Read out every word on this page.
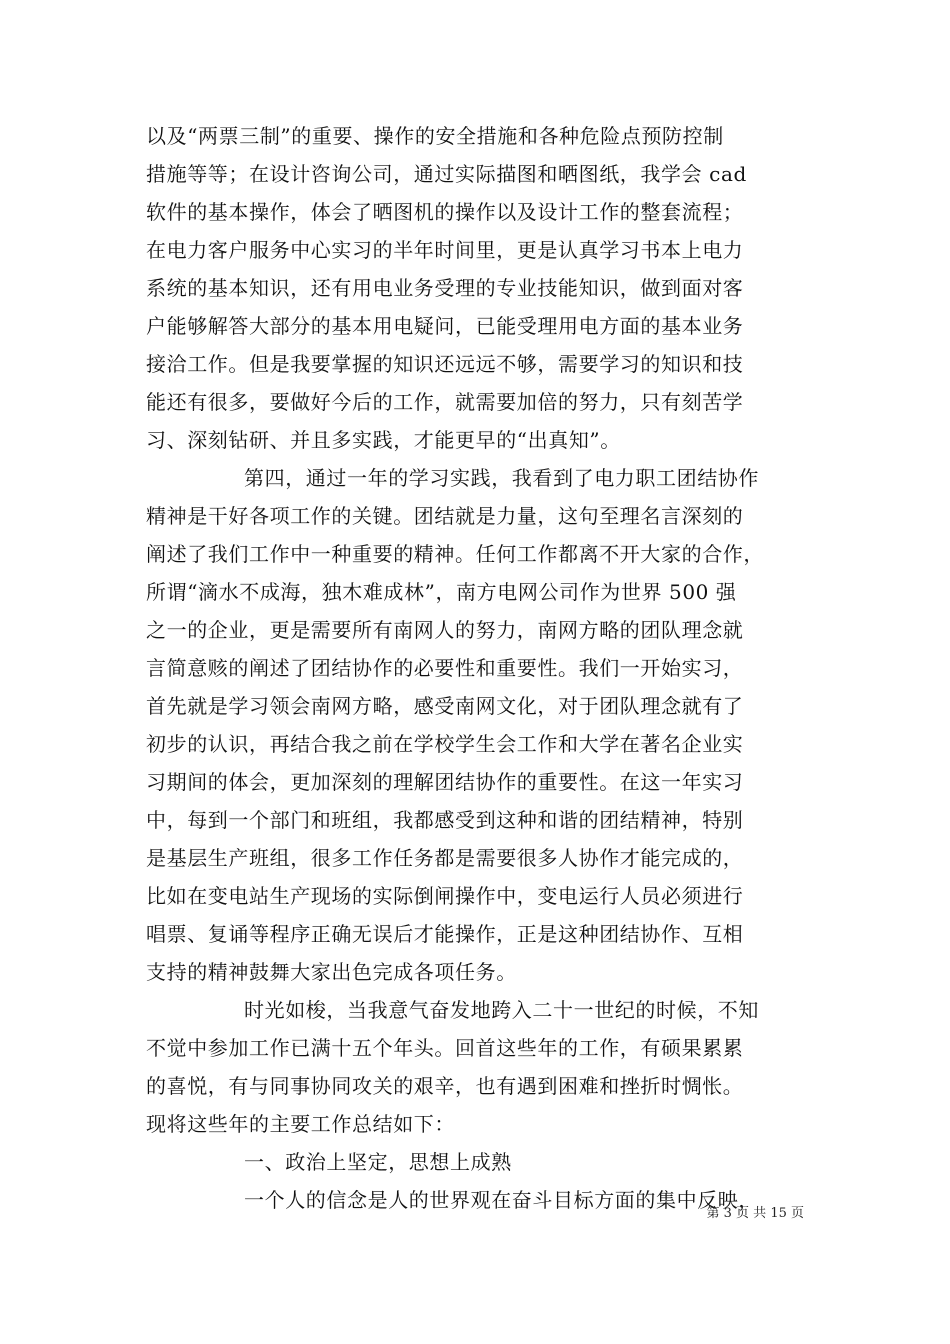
以及“两票三制”的重要、操作的安全措施和各种危险点预防控制
措施等等；在设计咨询公司，通过实际描图和晒图纸，我学会 cad
软件的基本操作，体会了晒图机的操作以及设计工作的整套流程；
在电力客户服务中心实习的半年时间里，更是认真学习书本上电力
系统的基本知识，还有用电业务受理的专业技能知识，做到面对客
户能够解答大部分的基本用电疑问，已能受理用电方面的基本业务
接洽工作。但是我要掌握的知识还远远不够，需要学习的知识和技
能还有很多，要做好今后的工作，就需要加倍的努力，只有刻苦学
习、深刻钻研、并且多实践，才能更早的“出真知”。
第四，通过一年的学习实践，我看到了电力职工团结协作
精神是干好各项工作的关键。团结就是力量，这句至理名言深刻的
阐述了我们工作中一种重要的精神。任何工作都离不开大家的合作，
所谓“滴水不成海，独木难成林”，南方电网公司作为世界 500 强
之一的企业，更是需要所有南网人的努力，南网方略的团队理念就
言简意赅的阐述了团结协作的必要性和重要性。我们一开始实习，
首先就是学习领会南网方略，感受南网文化，对于团队理念就有了
初步的认识，再结合我之前在学校学生会工作和大学在著名企业实
习期间的体会，更加深刻的理解团结协作的重要性。在这一年实习
中，每到一个部门和班组，我都感受到这种和谐的团结精神，特别
是基层生产班组，很多工作任务都是需要很多人协作才能完成的，
比如在变电站生产现场的实际倒闸操作中，变电运行人员必须进行
唱票、复诵等程序正确无误后才能操作，正是这种团结协作、互相
支持的精神鼓舞大家出色完成各项任务。
时光如梭，当我意气奋发地跨入二十一世纪的时候，不知
不觉中参加工作已满十五个年头。回首这些年的工作，有硕果累累
的喜悦，有与同事协同攻关的艰辛，也有遇到困难和挫折时惆怅。
现将这些年的主要工作总结如下：
一、政治上坚定，思想上成熟
一个人的信念是人的世界观在奋斗目标方面的集中反映，
第 3 页 共 15 页
